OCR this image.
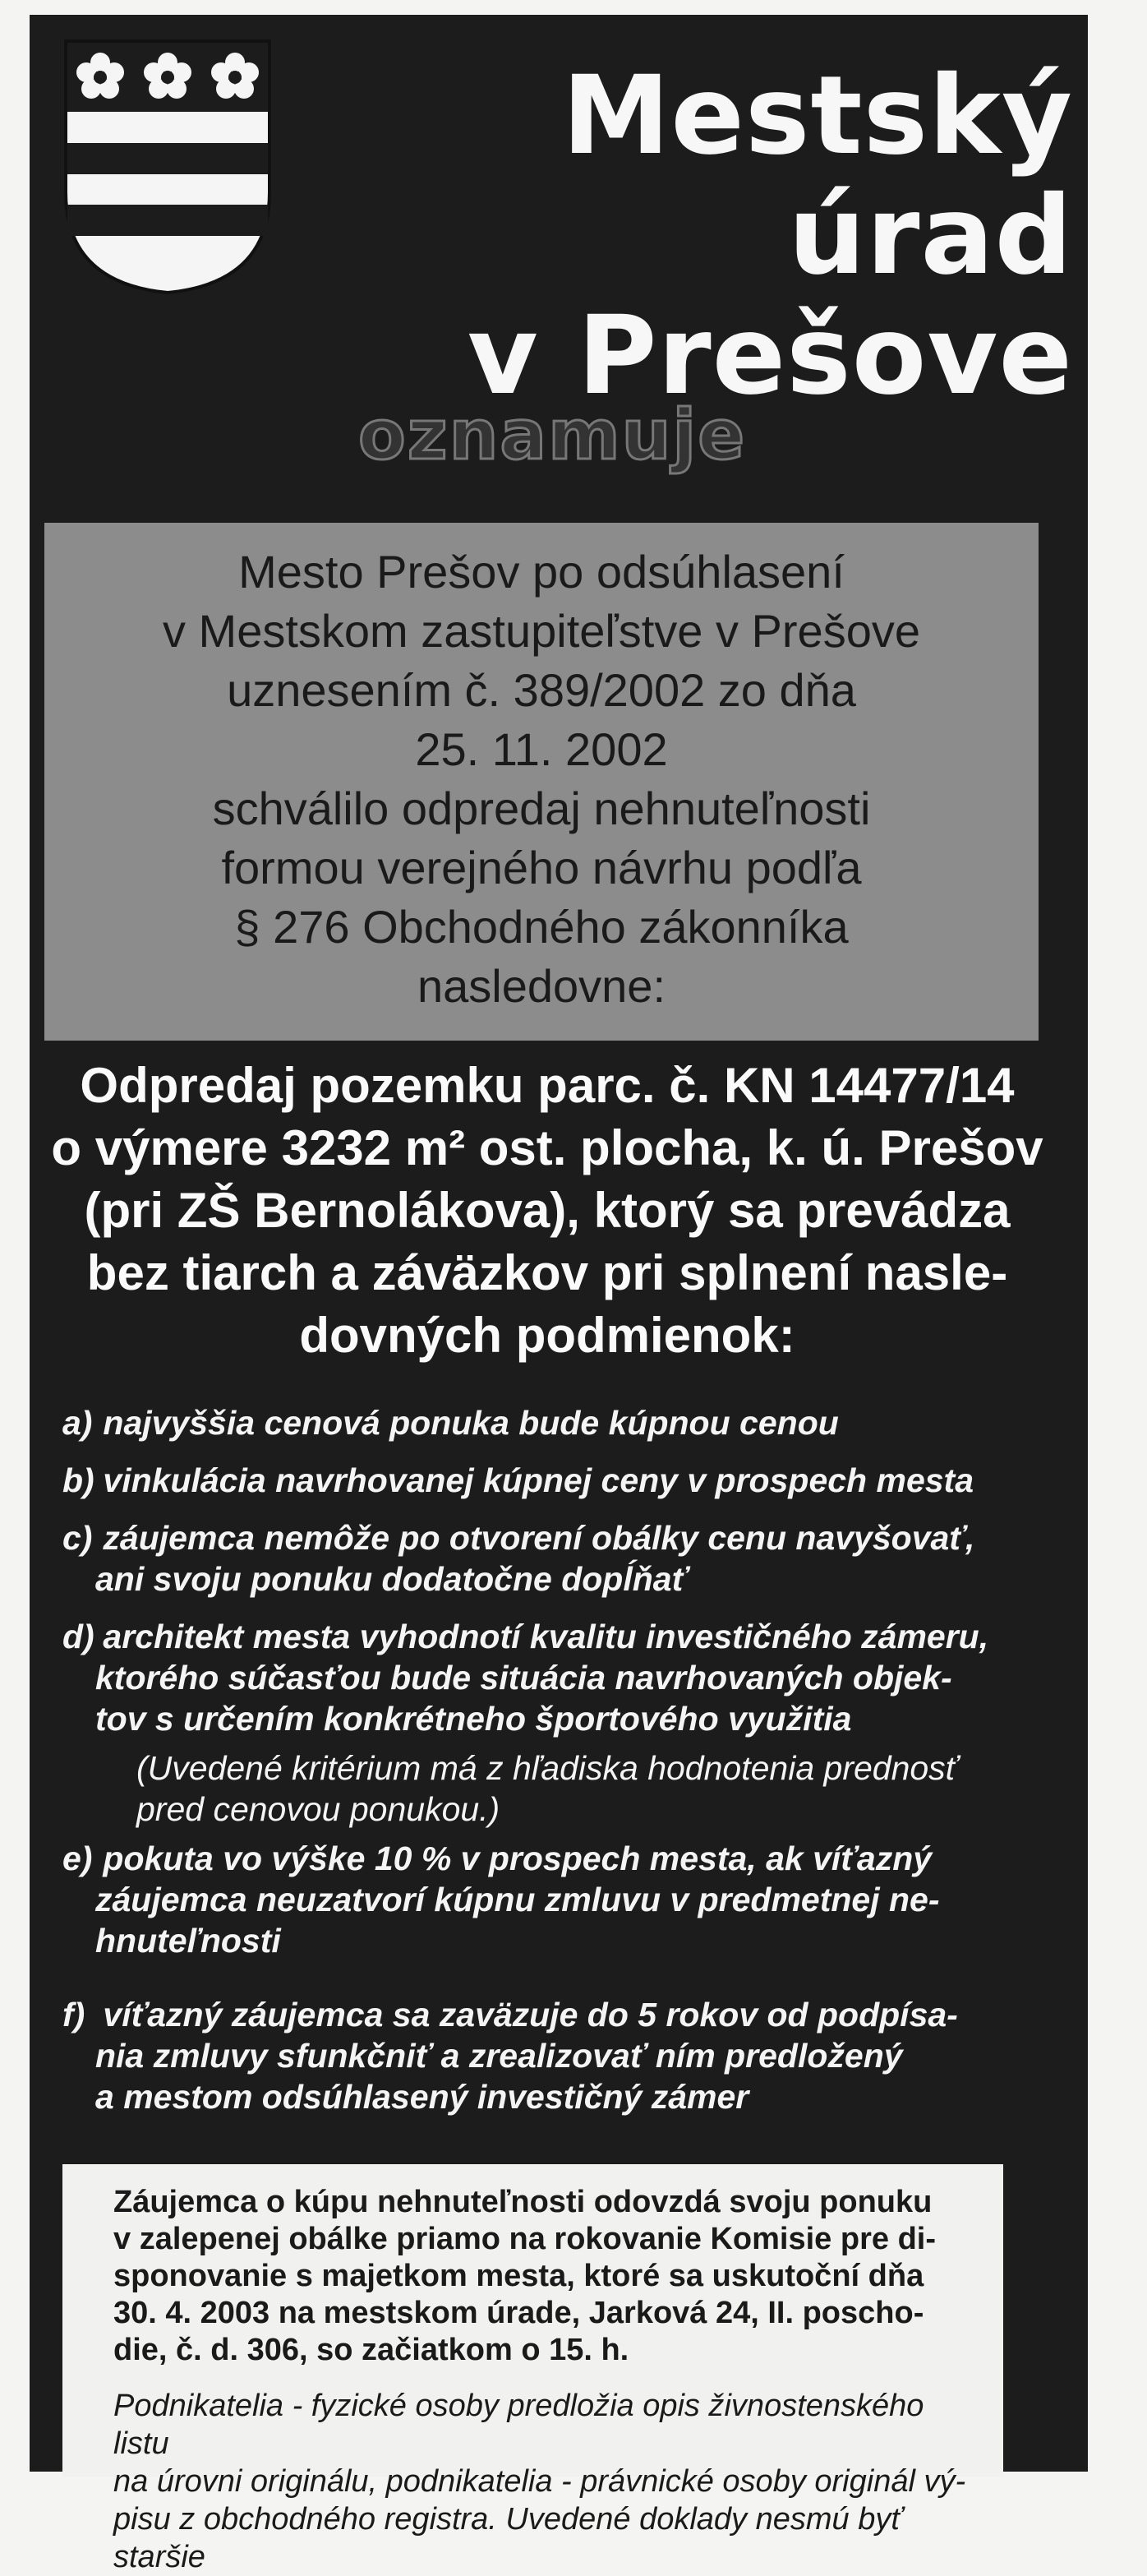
Mestský úrad
v Prešove
oznamuje
Mesto Prešov po odsúhlasení
v Mestskom zastupiteľstve v Prešove
uznesením č. 389/2002 zo dňa
25. 11. 2002
schválilo odpredaj nehnuteľnosti
formou verejného návrhu podľa
§ 276 Obchodného zákonníka
nasledovne:
Odpredaj pozemku parc. č. KN 14477/14
o výmere 3232 m² ost. plocha, k. ú. Prešov
(pri ZŠ Bernolákova), ktorý sa prevádza
bez tiarch a záväzkov pri splnení nasle-
dovných podmienok:
a) najvyššia cenová ponuka bude kúpnou cenou
b) vinkulácia navrhovanej kúpnej ceny v prospech mesta
c) záujemca nemôže po otvorení obálky cenu navyšovať,
ani svoju ponuku dodatočne dopĺňať
d) architekt mesta vyhodnotí kvalitu investičného zámeru,
ktorého súčasťou bude situácia navrhovaných objek-
tov s určením konkrétneho športového využitia
(Uvedené kritérium má z hľadiska hodnotenia prednosť
pred cenovou ponukou.)
e) pokuta vo výške 10 % v prospech mesta, ak víťazný
záujemca neuzatvorí kúpnu zmluvu v predmetnej ne-
hnuteľnosti
f) víťazný záujemca sa zaväzuje do 5 rokov od podpísa-
nia zmluvy sfunkčniť a zrealizovať ním predložený
a mestom odsúhlasený investičný zámer
Záujemca o kúpu nehnuteľnosti odovzdá svoju ponuku
v zalepenej obálke priamo na rokovanie Komisie pre di-
sponovanie s majetkom mesta, ktoré sa uskutoční dňa
30. 4. 2003 na mestskom úrade, Jarková 24, II. poscho-
die, č. d. 306, so začiatkom o 15. h.
Podnikatelia - fyzické osoby predložia opis živnostenského listu
na úrovni originálu, podnikatelia - právnické osoby originál vý-
pisu z obchodného registra. Uvedené doklady nesmú byť staršie
